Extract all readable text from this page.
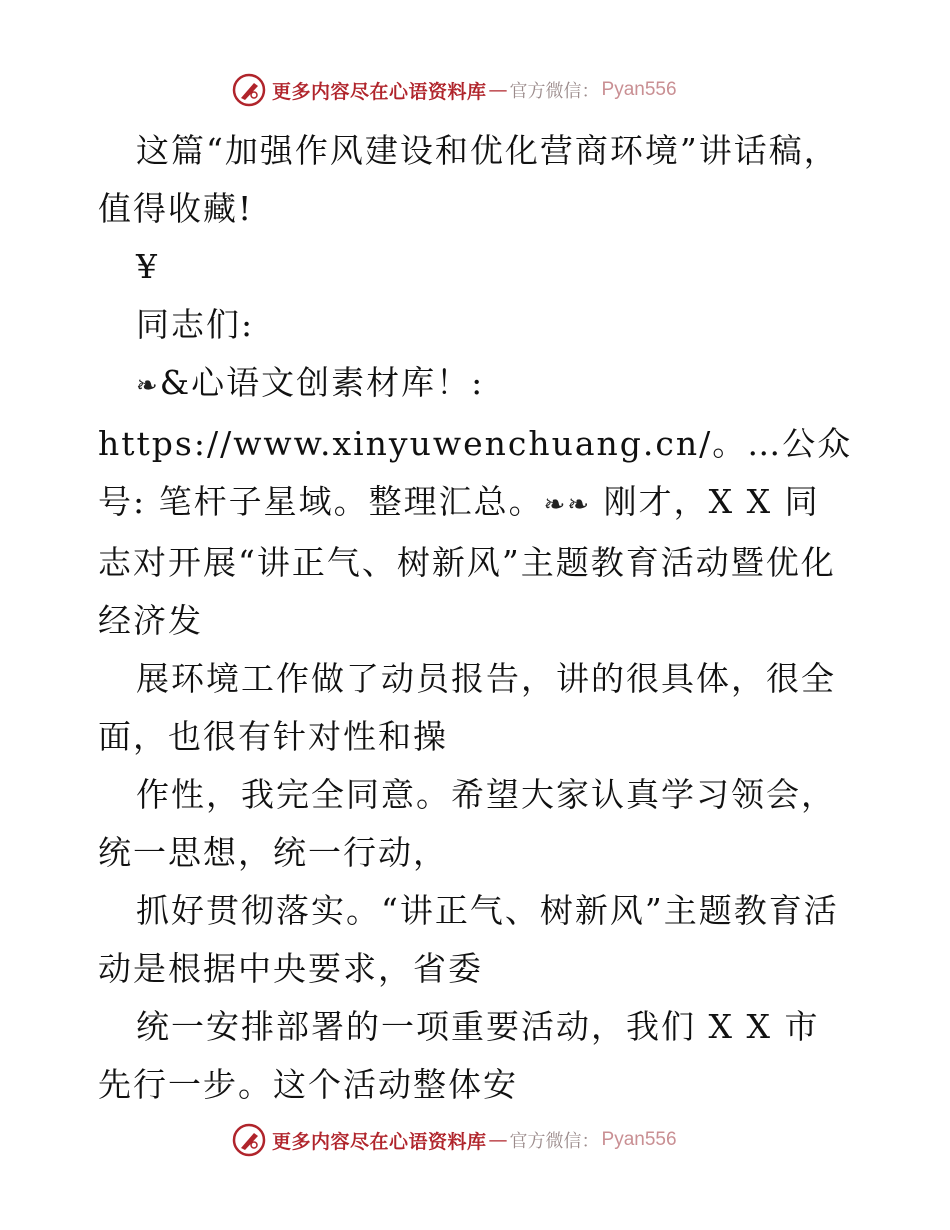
更多内容尽在心语资料库 — 官方微信： Pyan556

这篇“加强作风建设和优化营商环境”讲话稿，值得收藏!

¥

同志们:

❧&心语文创素材库！: https://www.xinyuwenchuang.cn/。…公众号: 笔杆子星域。整理汇总。❧❧ 刚才，X X 同志对开展“讲正气、树新风”主题教育活动暨优化经济发

展环境工作做了动员报告，讲的很具体，很全面，也很有针对性和操

作性，我完全同意。希望大家认真学习领会，统一思想，统一行动，

抓好贯彻落实。“讲正气、树新风”主题教育活动是根据中央要求，省委

统一安排部署的一项重要活动，我们 X X 市先行一步。这个活动整体安

更多内容尽在心语资料库 — 官方微信： Pyan556
